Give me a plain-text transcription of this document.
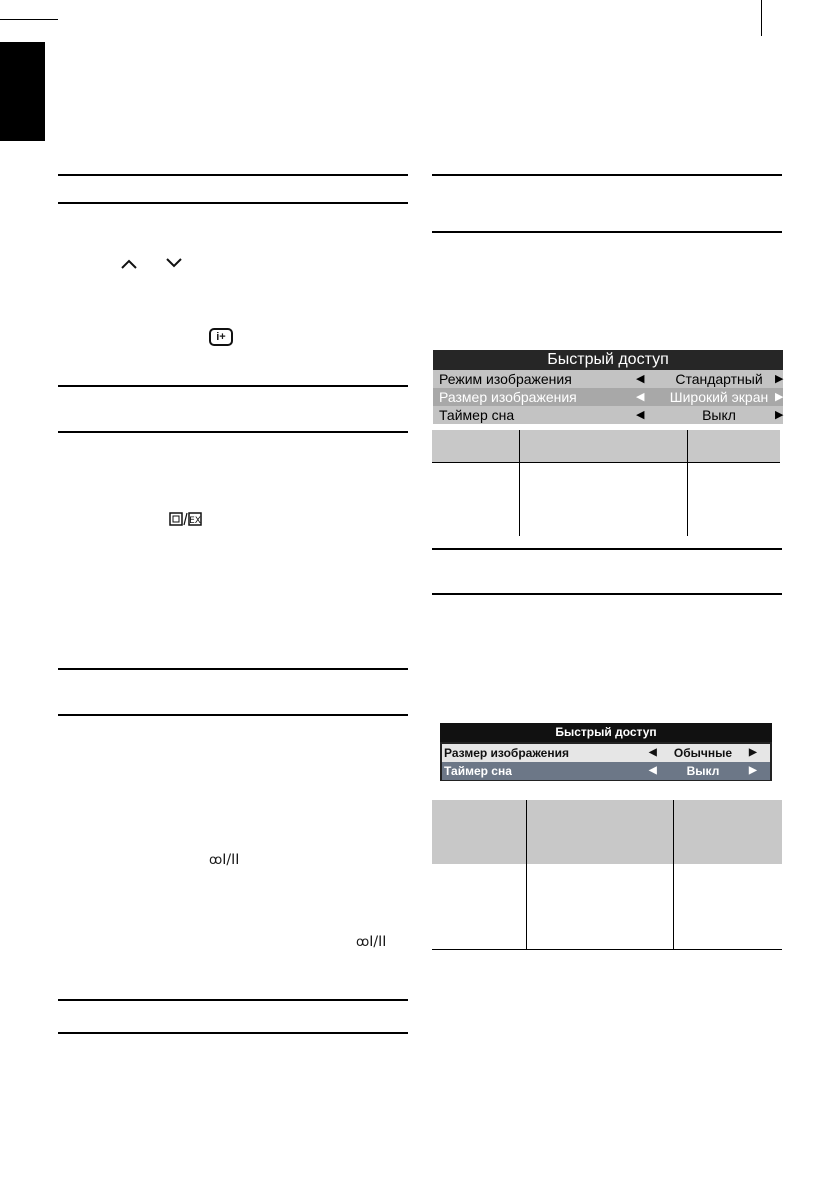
i+
EX
ꝏI/II
ꝏI/II
Быстрый доступ
Режим изображения	◀	Стандартный	▶
Размер изображения	◀	Широкий экран ▶
Таймер сна	◀	Выкл	▶

Быстрый доступ
Размер изображения	◀	Обычные	▶
Таймер сна	◀	Выкл	▶
